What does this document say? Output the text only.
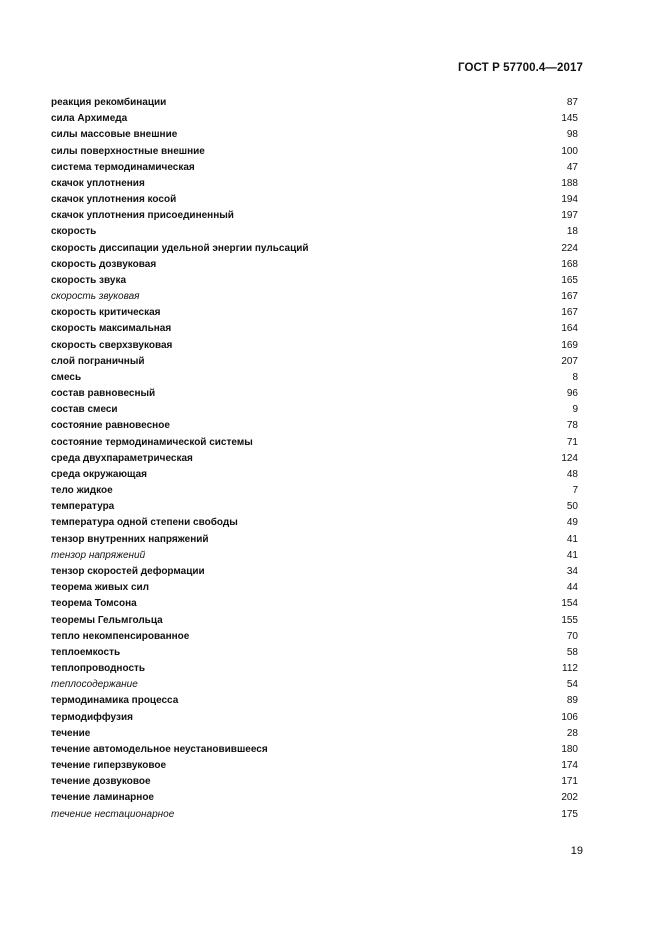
ГОСТ Р 57700.4—2017
реакция рекомбинации	87
сила Архимеда	145
силы массовые внешние	98
силы поверхностные внешние	100
система термодинамическая	47
скачок уплотнения	188
скачок уплотнения косой	194
скачок уплотнения присоединенный	197
скорость	18
скорость диссипации удельной энергии пульсаций	224
скорость дозвуковая	168
скорость звука	165
скорость звуковая	167
скорость критическая	167
скорость максимальная	164
скорость сверхзвуковая	169
слой пограничный	207
смесь	8
состав равновесный	96
состав смеси	9
состояние равновесное	78
состояние термодинамической системы	71
среда двухпараметрическая	124
среда окружающая	48
тело жидкое	7
температура	50
температура одной степени свободы	49
тензор внутренних напряжений	41
тензор напряжений	41
тензор скоростей деформации	34
теорема живых сил	44
теорема Томсона	154
теоремы Гельмгольца	155
тепло некомпенсированное	70
теплоемкость	58
теплопроводность	112
теплосодержание	54
термодинамика процесса	89
термодиффузия	106
течение	28
течение автомодельное неустановившееся	180
течение гиперзвуковое	174
течение дозвуковое	171
течение ламинарное	202
течение нестационарное	175
19
